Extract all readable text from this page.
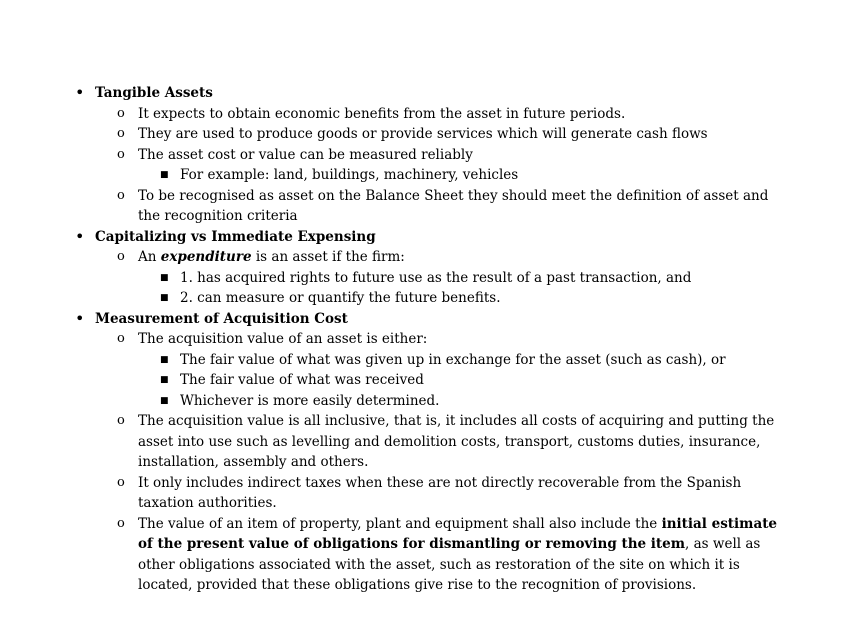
• Tangible Assets
o It expects to obtain economic benefits from the asset in future periods.
o They are used to produce goods or provide services which will generate cash flows
o The asset cost or value can be measured reliably
■ For example: land, buildings, machinery, vehicles
o To be recognised as asset on the Balance Sheet they should meet the definition of asset and the recognition criteria
• Capitalizing vs Immediate Expensing
o An expenditure is an asset if the firm:
■ 1. has acquired rights to future use as the result of a past transaction, and
■ 2. can measure or quantify the future benefits.
• Measurement of Acquisition Cost
o The acquisition value of an asset is either:
■ The fair value of what was given up in exchange for the asset (such as cash), or
■ The fair value of what was received
■ Whichever is more easily determined.
o The acquisition value is all inclusive, that is, it includes all costs of acquiring and putting the asset into use such as levelling and demolition costs, transport, customs duties, insurance, installation, assembly and others.
o It only includes indirect taxes when these are not directly recoverable from the Spanish taxation authorities.
o The value of an item of property, plant and equipment shall also include the initial estimate of the present value of obligations for dismantling or removing the item, as well as other obligations associated with the asset, such as restoration of the site on which it is located, provided that these obligations give rise to the recognition of provisions.
